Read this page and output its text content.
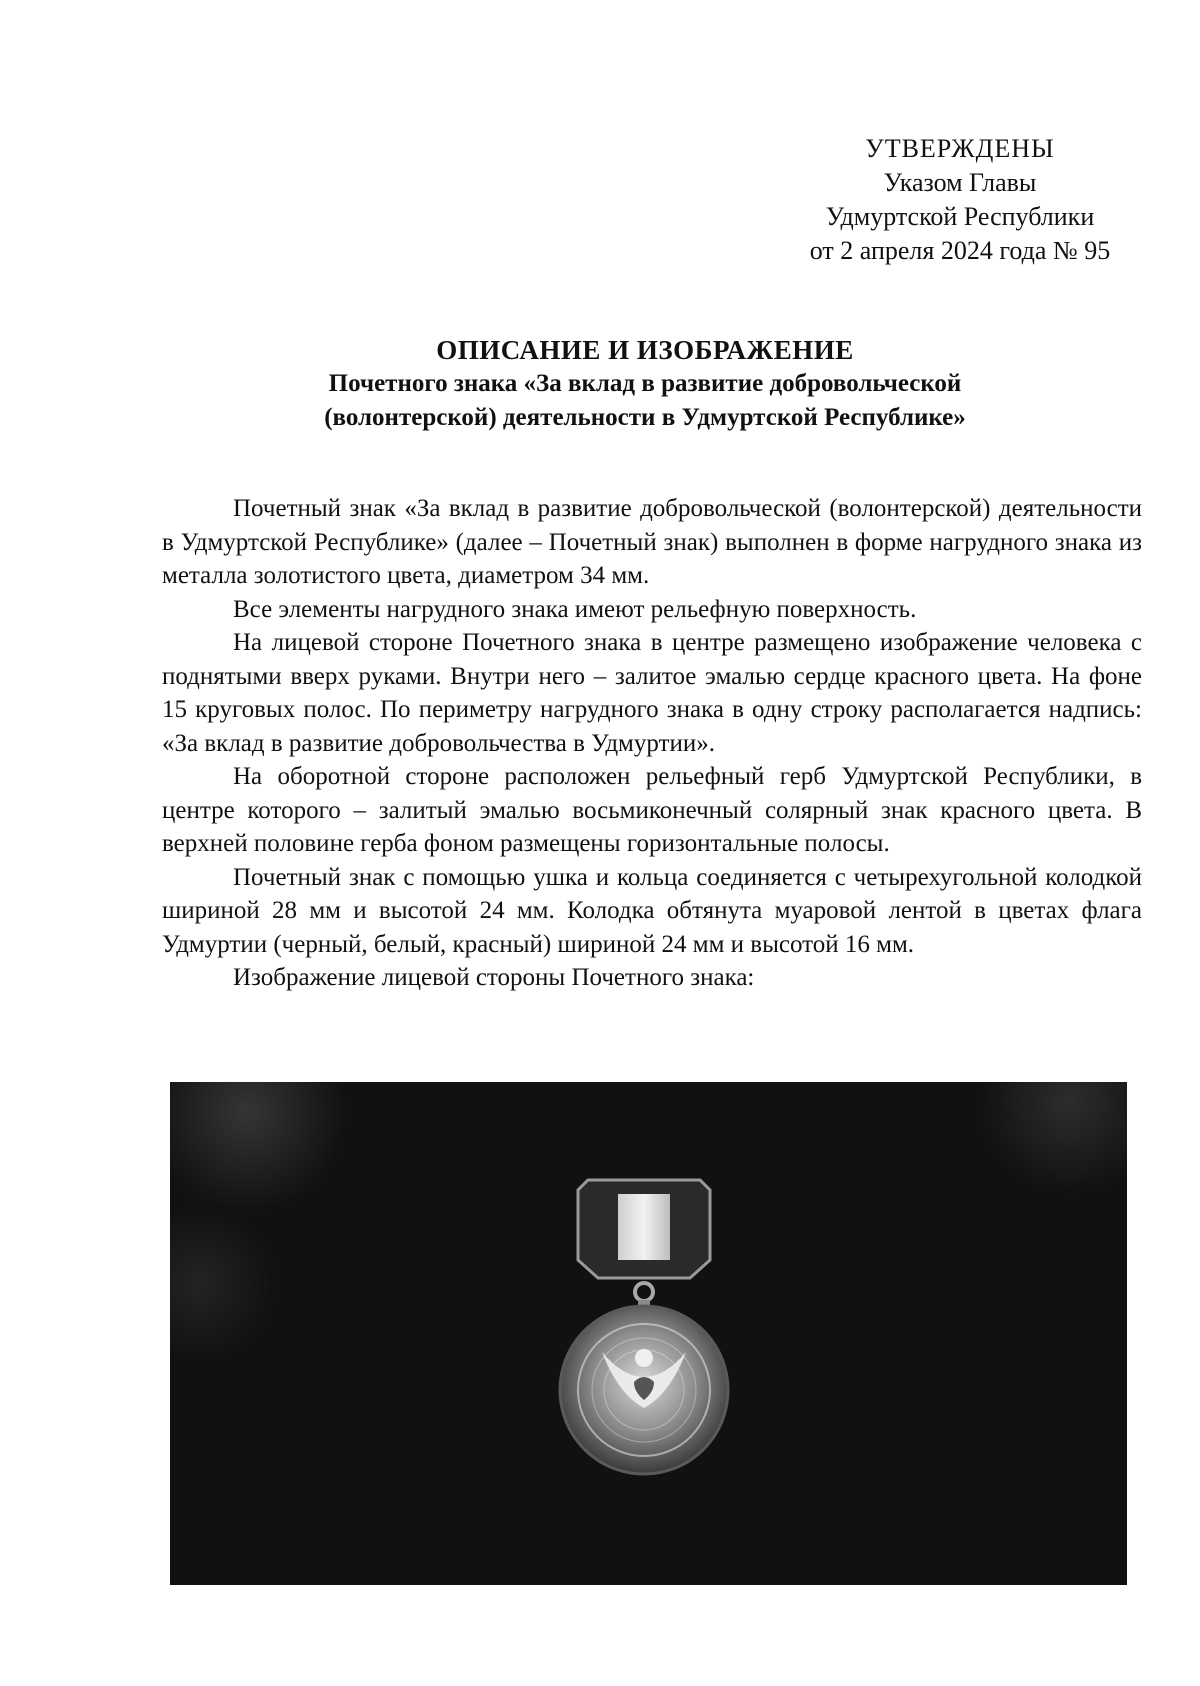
УТВЕРЖДЕНЫ
Указом Главы
Удмуртской Республики
от 2 апреля 2024 года № 95
ОПИСАНИЕ И ИЗОБРАЖЕНИЕ
Почетного знака «За вклад в развитие добровольческой
(волонтерской) деятельности в Удмуртской Республике»

Почетный знак «За вклад в развитие добровольческой (волонтерской) деятельности в Удмуртской Республике» (далее – Почетный знак) выполнен в форме нагрудного знака из металла золотистого цвета, диаметром 34 мм.

Все элементы нагрудного знака имеют рельефную поверхность.

На лицевой стороне Почетного знака в центре размещено изображение человека с поднятыми вверх руками. Внутри него – залитое эмалью сердце красного цвета. На фоне 15 круговых полос. По периметру нагрудного знака в одну строку располагается надпись: «За вклад в развитие добровольчества в Удмуртии».

На оборотной стороне расположен рельефный герб Удмуртской Республики, в центре которого – залитый эмалью восьмиконечный солярный знак красного цвета. В верхней половине герба фоном размещены горизонтальные полосы.

Почетный знак с помощью ушка и кольца соединяется с четырехугольной колодкой шириной 28 мм и высотой 24 мм. Колодка обтянута муаровой лентой в цветах флага Удмуртии (черный, белый, красный) шириной 24 мм и высотой 16 мм.

Изображение лицевой стороны Почетного знака:
